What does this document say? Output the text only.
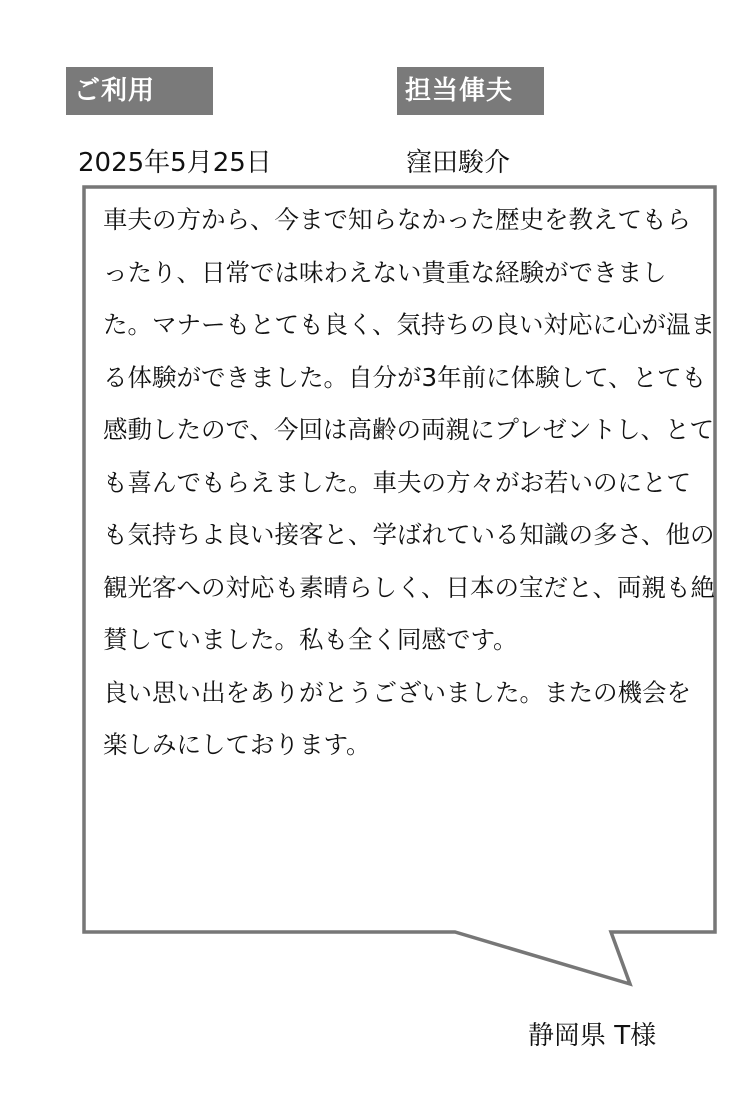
ご利用	担当俥夫
2025年5月25日	窪田駿介

車夫の方から、今まで知らなかった歴史を教えてもらったり、日常では味わえない貴重な経験ができました。マナーもとても良く、気持ちの良い対応に心が温まる体験ができました。自分が3年前に体験して、とても感動したので、今回は高齢の両親にプレゼントし、とても喜んでもらえました。車夫の方々がお若いのにとても気持ちよ良い接客と、学ばれている知識の多さ、他の観光客への対応も素晴らしく、日本の宝だと、両親も絶賛していました。私も全く同感です。

良い思い出をありがとうございました。またの機会を楽しみにしております。

静岡県 T様
